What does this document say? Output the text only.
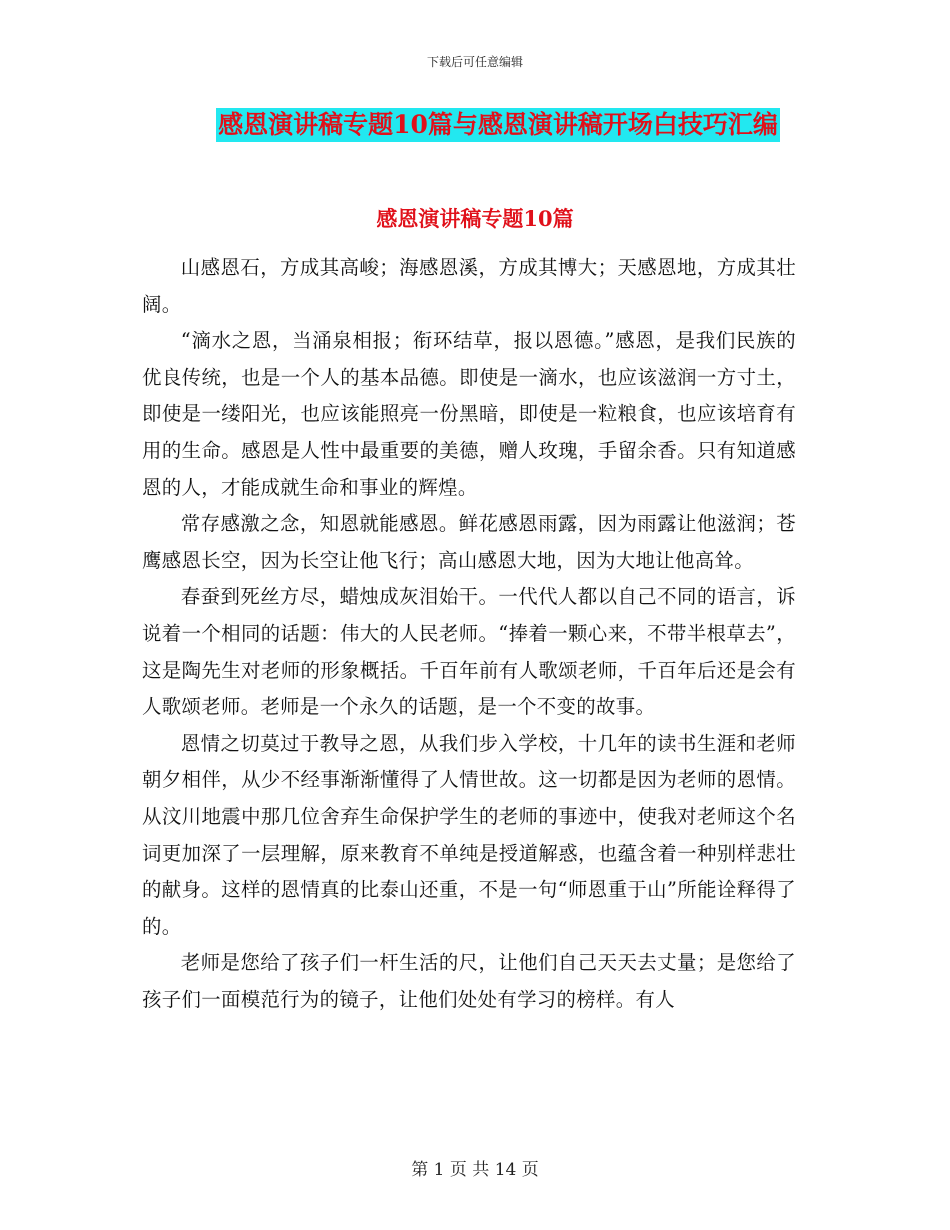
下载后可任意编辑
感恩演讲稿专题10篇与感恩演讲稿开场白技巧汇编
感恩演讲稿专题10篇

山感恩石，方成其高峻；海感恩溪，方成其博大；天感恩地，方成其壮阔。

“滴水之恩，当涌泉相报；衔环结草，报以恩德。”感恩，是我们民族的优良传统，也是一个人的基本品德。即使是一滴水，也应该滋润一方寸土，即使是一缕阳光，也应该能照亮一份黑暗，即使是一粒粮食，也应该培育有用的生命。感恩是人性中最重要的美德，赠人玫瑰，手留余香。只有知道感恩的人，才能成就生命和事业的辉煌。

常存感激之念，知恩就能感恩。鲜花感恩雨露，因为雨露让他滋润；苍鹰感恩长空，因为长空让他飞行；高山感恩大地，因为大地让他高耸。

春蚕到死丝方尽，蜡烛成灰泪始干。一代代人都以自己不同的语言，诉说着一个相同的话题：伟大的人民老师。“捧着一颗心来，不带半根草去”，这是陶先生对老师的形象概括。千百年前有人歌颂老师，千百年后还是会有人歌颂老师。老师是一个永久的话题，是一个不变的故事。

恩情之切莫过于教导之恩，从我们步入学校，十几年的读书生涯和老师朝夕相伴，从少不经事渐渐懂得了人情世故。这一切都是因为老师的恩情。从汶川地震中那几位舍弃生命保护学生的老师的事迹中，使我对老师这个名词更加深了一层理解，原来教育不单纯是授道解惑，也蕴含着一种别样悲壮的献身。这样的恩情真的比泰山还重，不是一句“师恩重于山”所能诠释得了的。

老师是您给了孩子们一杆生活的尺，让他们自己天天去丈量；是您给了孩子们一面模范行为的镜子，让他们处处有学习的榜样。有人

第 1 页 共 14 页
